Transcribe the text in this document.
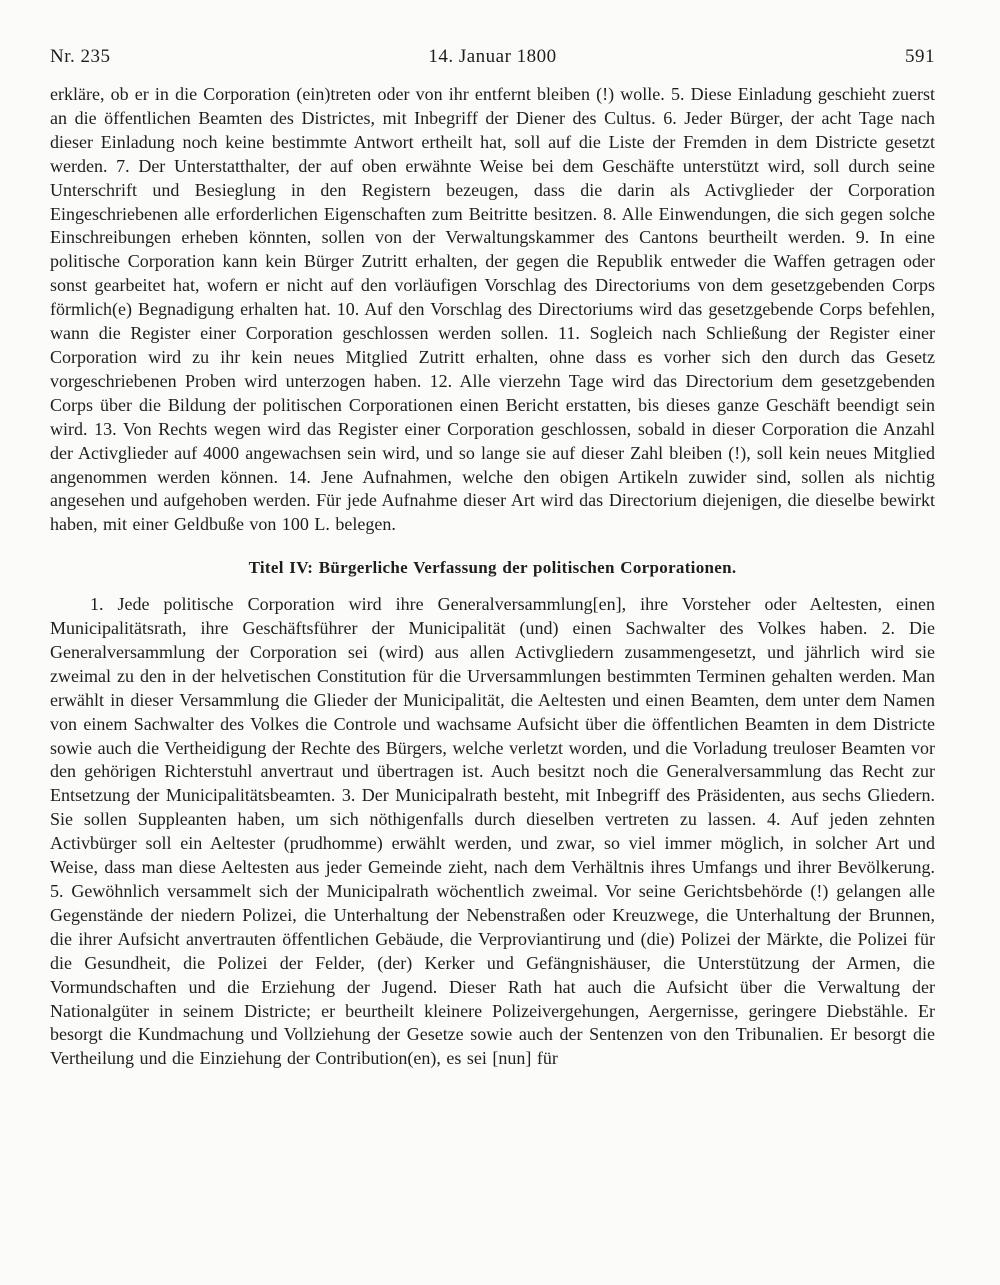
Nr. 235	14. Januar 1800	591

erkläre, ob er in die Corporation (ein)treten oder von ihr entfernt bleiben (!) wolle. 5. Diese Einladung geschieht zuerst an die öffentlichen Beamten des Districtes, mit Inbegriff der Diener des Cultus. 6. Jeder Bürger, der acht Tage nach dieser Einladung noch keine bestimmte Antwort ertheilt hat, soll auf die Liste der Fremden in dem Districte gesetzt werden. 7. Der Unterstatthalter, der auf oben erwähnte Weise bei dem Geschäfte unterstützt wird, soll durch seine Unterschrift und Besieglung in den Registern bezeugen, dass die darin als Activglieder der Corporation Eingeschriebenen alle erforderlichen Eigenschaften zum Beitritte besitzen. 8. Alle Einwendungen, die sich gegen solche Einschreibungen erheben könnten, sollen von der Verwaltungskammer des Cantons beurtheilt werden. 9. In eine politische Corporation kann kein Bürger Zutritt erhalten, der gegen die Republik entweder die Waffen getragen oder sonst gearbeitet hat, wofern er nicht auf den vorläufigen Vorschlag des Directoriums von dem gesetzgebenden Corps förmlich(e) Begnadigung erhalten hat. 10. Auf den Vorschlag des Directoriums wird das gesetzgebende Corps befehlen, wann die Register einer Corporation geschlossen werden sollen. 11. Sogleich nach Schließung der Register einer Corporation wird zu ihr kein neues Mitglied Zutritt erhalten, ohne dass es vorher sich den durch das Gesetz vorgeschriebenen Proben wird unterzogen haben. 12. Alle vierzehn Tage wird das Directorium dem gesetzgebenden Corps über die Bildung der politischen Corporationen einen Bericht erstatten, bis dieses ganze Geschäft beendigt sein wird. 13. Von Rechts wegen wird das Register einer Corporation geschlossen, sobald in dieser Corporation die Anzahl der Activglieder auf 4000 angewachsen sein wird, und so lange sie auf dieser Zahl bleiben (!), soll kein neues Mitglied angenommen werden können. 14. Jene Aufnahmen, welche den obigen Artikeln zuwider sind, sollen als nichtig angesehen und aufgehoben werden. Für jede Aufnahme dieser Art wird das Directorium diejenigen, die dieselbe bewirkt haben, mit einer Geldbuße von 100 L. belegen.

Titel IV: Bürgerliche Verfassung der politischen Corporationen.

1. Jede politische Corporation wird ihre Generalversammlung[en], ihre Vorsteher oder Aeltesten, einen Municipalitätsrath, ihre Geschäftsführer der Municipalität (und) einen Sachwalter des Volkes haben. 2. Die Generalversammlung der Corporation sei (wird) aus allen Activgliedern zusammengesetzt, und jährlich wird sie zweimal zu den in der helvetischen Constitution für die Urversammlungen bestimmten Terminen gehalten werden. Man erwählt in dieser Versammlung die Glieder der Municipalität, die Aeltesten und einen Beamten, dem unter dem Namen von einem Sachwalter des Volkes die Controle und wachsame Aufsicht über die öffentlichen Beamten in dem Districte sowie auch die Vertheidigung der Rechte des Bürgers, welche verletzt worden, und die Vorladung treuloser Beamten vor den gehörigen Richterstuhl anvertraut und übertragen ist. Auch besitzt noch die Generalversammlung das Recht zur Entsetzung der Municipalitätsbeamten. 3. Der Municipalrath besteht, mit Inbegriff des Präsidenten, aus sechs Gliedern. Sie sollen Suppleanten haben, um sich nöthigenfalls durch dieselben vertreten zu lassen. 4. Auf jeden zehnten Activbürger soll ein Aeltester (prudhomme) erwählt werden, und zwar, so viel immer möglich, in solcher Art und Weise, dass man diese Aeltesten aus jeder Gemeinde zieht, nach dem Verhältnis ihres Umfangs und ihrer Bevölkerung. 5. Gewöhnlich versammelt sich der Municipalrath wöchentlich zweimal. Vor seine Gerichtsbehörde (!) gelangen alle Gegenstände der niedern Polizei, die Unterhaltung der Nebenstraßen oder Kreuzwege, die Unterhaltung der Brunnen, die ihrer Aufsicht anvertrauten öffentlichen Gebäude, die Verproviantirung und (die) Polizei der Märkte, die Polizei für die Gesundheit, die Polizei der Felder, (der) Kerker und Gefängnishäuser, die Unterstützung der Armen, die Vormundschaften und die Erziehung der Jugend. Dieser Rath hat auch die Aufsicht über die Verwaltung der Nationalgüter in seinem Districte; er beurtheilt kleinere Polizeivergehungen, Aergernisse, geringere Diebstähle. Er besorgt die Kundmachung und Vollziehung der Gesetze sowie auch der Sentenzen von den Tribunalien. Er besorgt die Vertheilung und die Einziehung der Contribution(en), es sei [nun] für
